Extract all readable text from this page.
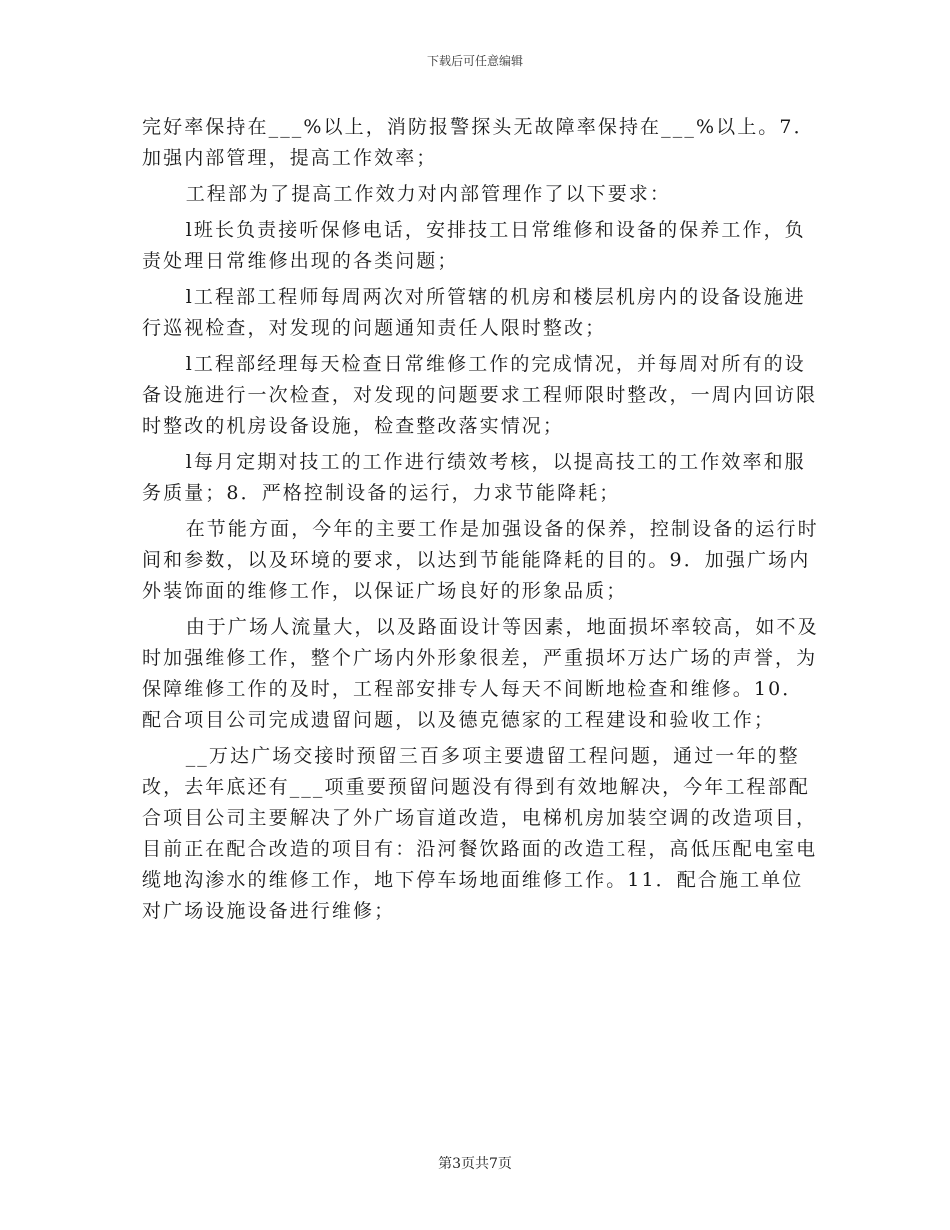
下载后可任意编辑

完好率保持在___%以上，消防报警探头无故障率保持在___%以上。7．加强内部管理，提高工作效率；

工程部为了提高工作效力对内部管理作了以下要求：

l班长负责接听保修电话，安排技工日常维修和设备的保养工作，负责处理日常维修出现的各类问题；

l工程部工程师每周两次对所管辖的机房和楼层机房内的设备设施进行巡视检查，对发现的问题通知责任人限时整改；

l工程部经理每天检查日常维修工作的完成情况，并每周对所有的设备设施进行一次检查，对发现的问题要求工程师限时整改，一周内回访限时整改的机房设备设施，检查整改落实情况；

l每月定期对技工的工作进行绩效考核，以提高技工的工作效率和服务质量；8．严格控制设备的运行，力求节能降耗；

在节能方面，今年的主要工作是加强设备的保养，控制设备的运行时间和参数，以及环境的要求，以达到节能能降耗的目的。9．加强广场内外装饰面的维修工作，以保证广场良好的形象品质；

由于广场人流量大，以及路面设计等因素，地面损坏率较高，如不及时加强维修工作，整个广场内外形象很差，严重损坏万达广场的声誉，为保障维修工作的及时，工程部安排专人每天不间断地检查和维修。10．配合项目公司完成遗留问题，以及德克德家的工程建设和验收工作；

__万达广场交接时预留三百多项主要遗留工程问题，通过一年的整改，去年底还有___项重要预留问题没有得到有效地解决，今年工程部配合项目公司主要解决了外广场盲道改造，电梯机房加装空调的改造项目，目前正在配合改造的项目有：沿河餐饮路面的改造工程，高低压配电室电缆地沟渗水的维修工作，地下停车场地面维修工作。11．配合施工单位对广场设施设备进行维修；

第3页共7页
